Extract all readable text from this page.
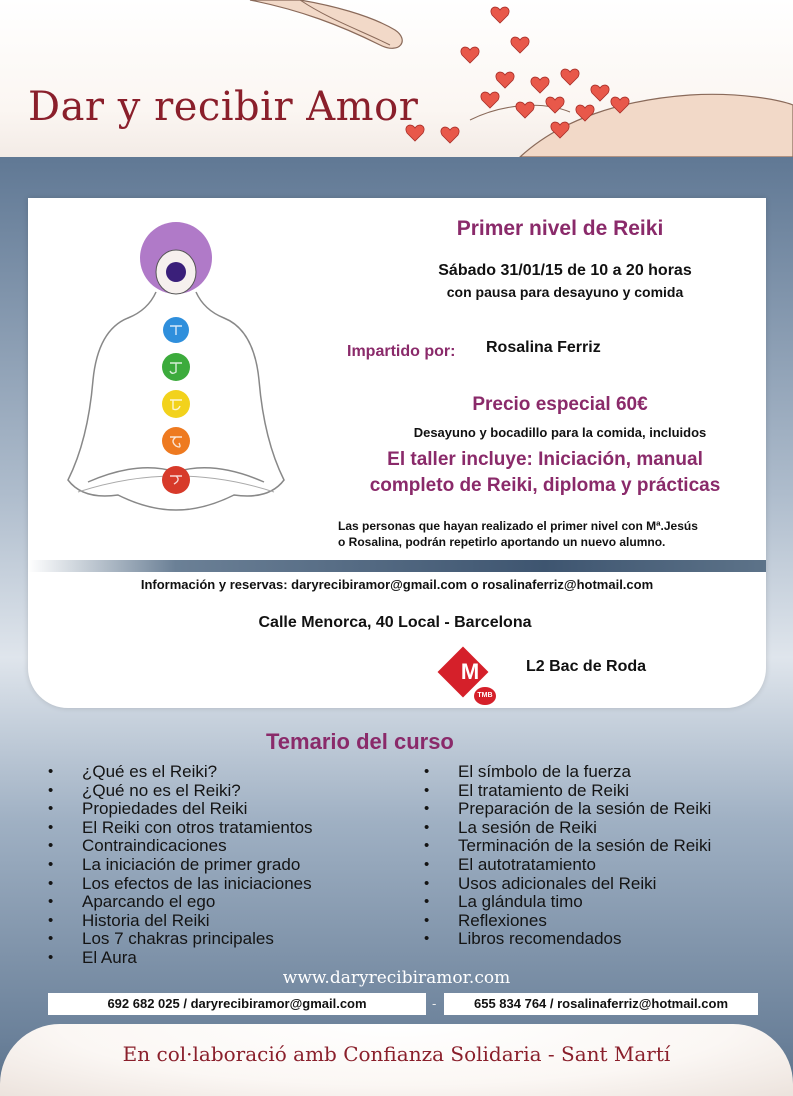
Dar y recibir Amor
Primer nivel de Reiki
Sábado 31/01/15 de 10 a 20 horas
con pausa para desayuno y comida
Impartido por: Rosalina Ferriz
Precio especial 60€
Desayuno y bocadillo para la comida, incluidos
El taller incluye: Iniciación, manual
completo de Reiki, diploma y prácticas
Las personas que hayan realizado el primer nivel con Mª.Jesús
o Rosalina, podrán repetirlo aportando un nuevo alumno.
Información y reservas: daryrecibiramor@gmail.com o rosalinaferriz@hotmail.com
Calle Menorca, 40 Local - Barcelona
M
TMB
L2 Bac de Roda
Temario del curso
• ¿Qué es el Reiki?
• ¿Qué no es el Reiki?
• Propiedades del Reiki
• El Reiki con otros tratamientos
• Contraindicaciones
• La iniciación de primer grado
• Los efectos de las iniciaciones
• Aparcando el ego
• Historia del Reiki
• Los 7 chakras principales
• El Aura
• El símbolo de la fuerza
• El tratamiento de Reiki
• Preparación de la sesión de Reiki
• La sesión de Reiki
• Terminación de la sesión de Reiki
• El autotratamiento
• Usos adicionales del Reiki
• La glándula timo
• Reflexiones
• Libros recomendados
www.daryrecibiramor.com
692 682 025 / daryrecibiramor@gmail.com	-	655 834 764 / rosalinaferriz@hotmail.com
En col·laboració amb Confianza Solidaria - Sant Martí
